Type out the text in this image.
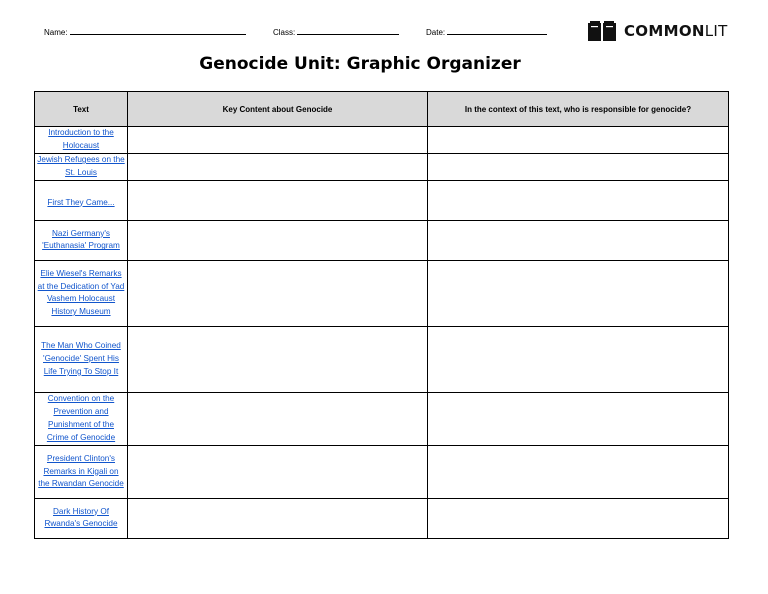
Name:	Class:	Date:	COMMONLIT
Genocide Unit: Graphic Organizer
Text	Key Content about Genocide	In the context of this text, who is responsible for genocide?
Introduction to the Holocaust		
Jewish Refugees on the St. Louis		
First They Came...		
Nazi Germany's 'Euthanasia' Program		
Elie Wiesel's Remarks at the Dedication of Yad Vashem Holocaust History Museum		
The Man Who Coined 'Genocide' Spent His Life Trying To Stop It		
Convention on the Prevention and Punishment of the Crime of Genocide		
President Clinton's Remarks in Kigali on the Rwandan Genocide		
Dark History Of Rwanda's Genocide		
